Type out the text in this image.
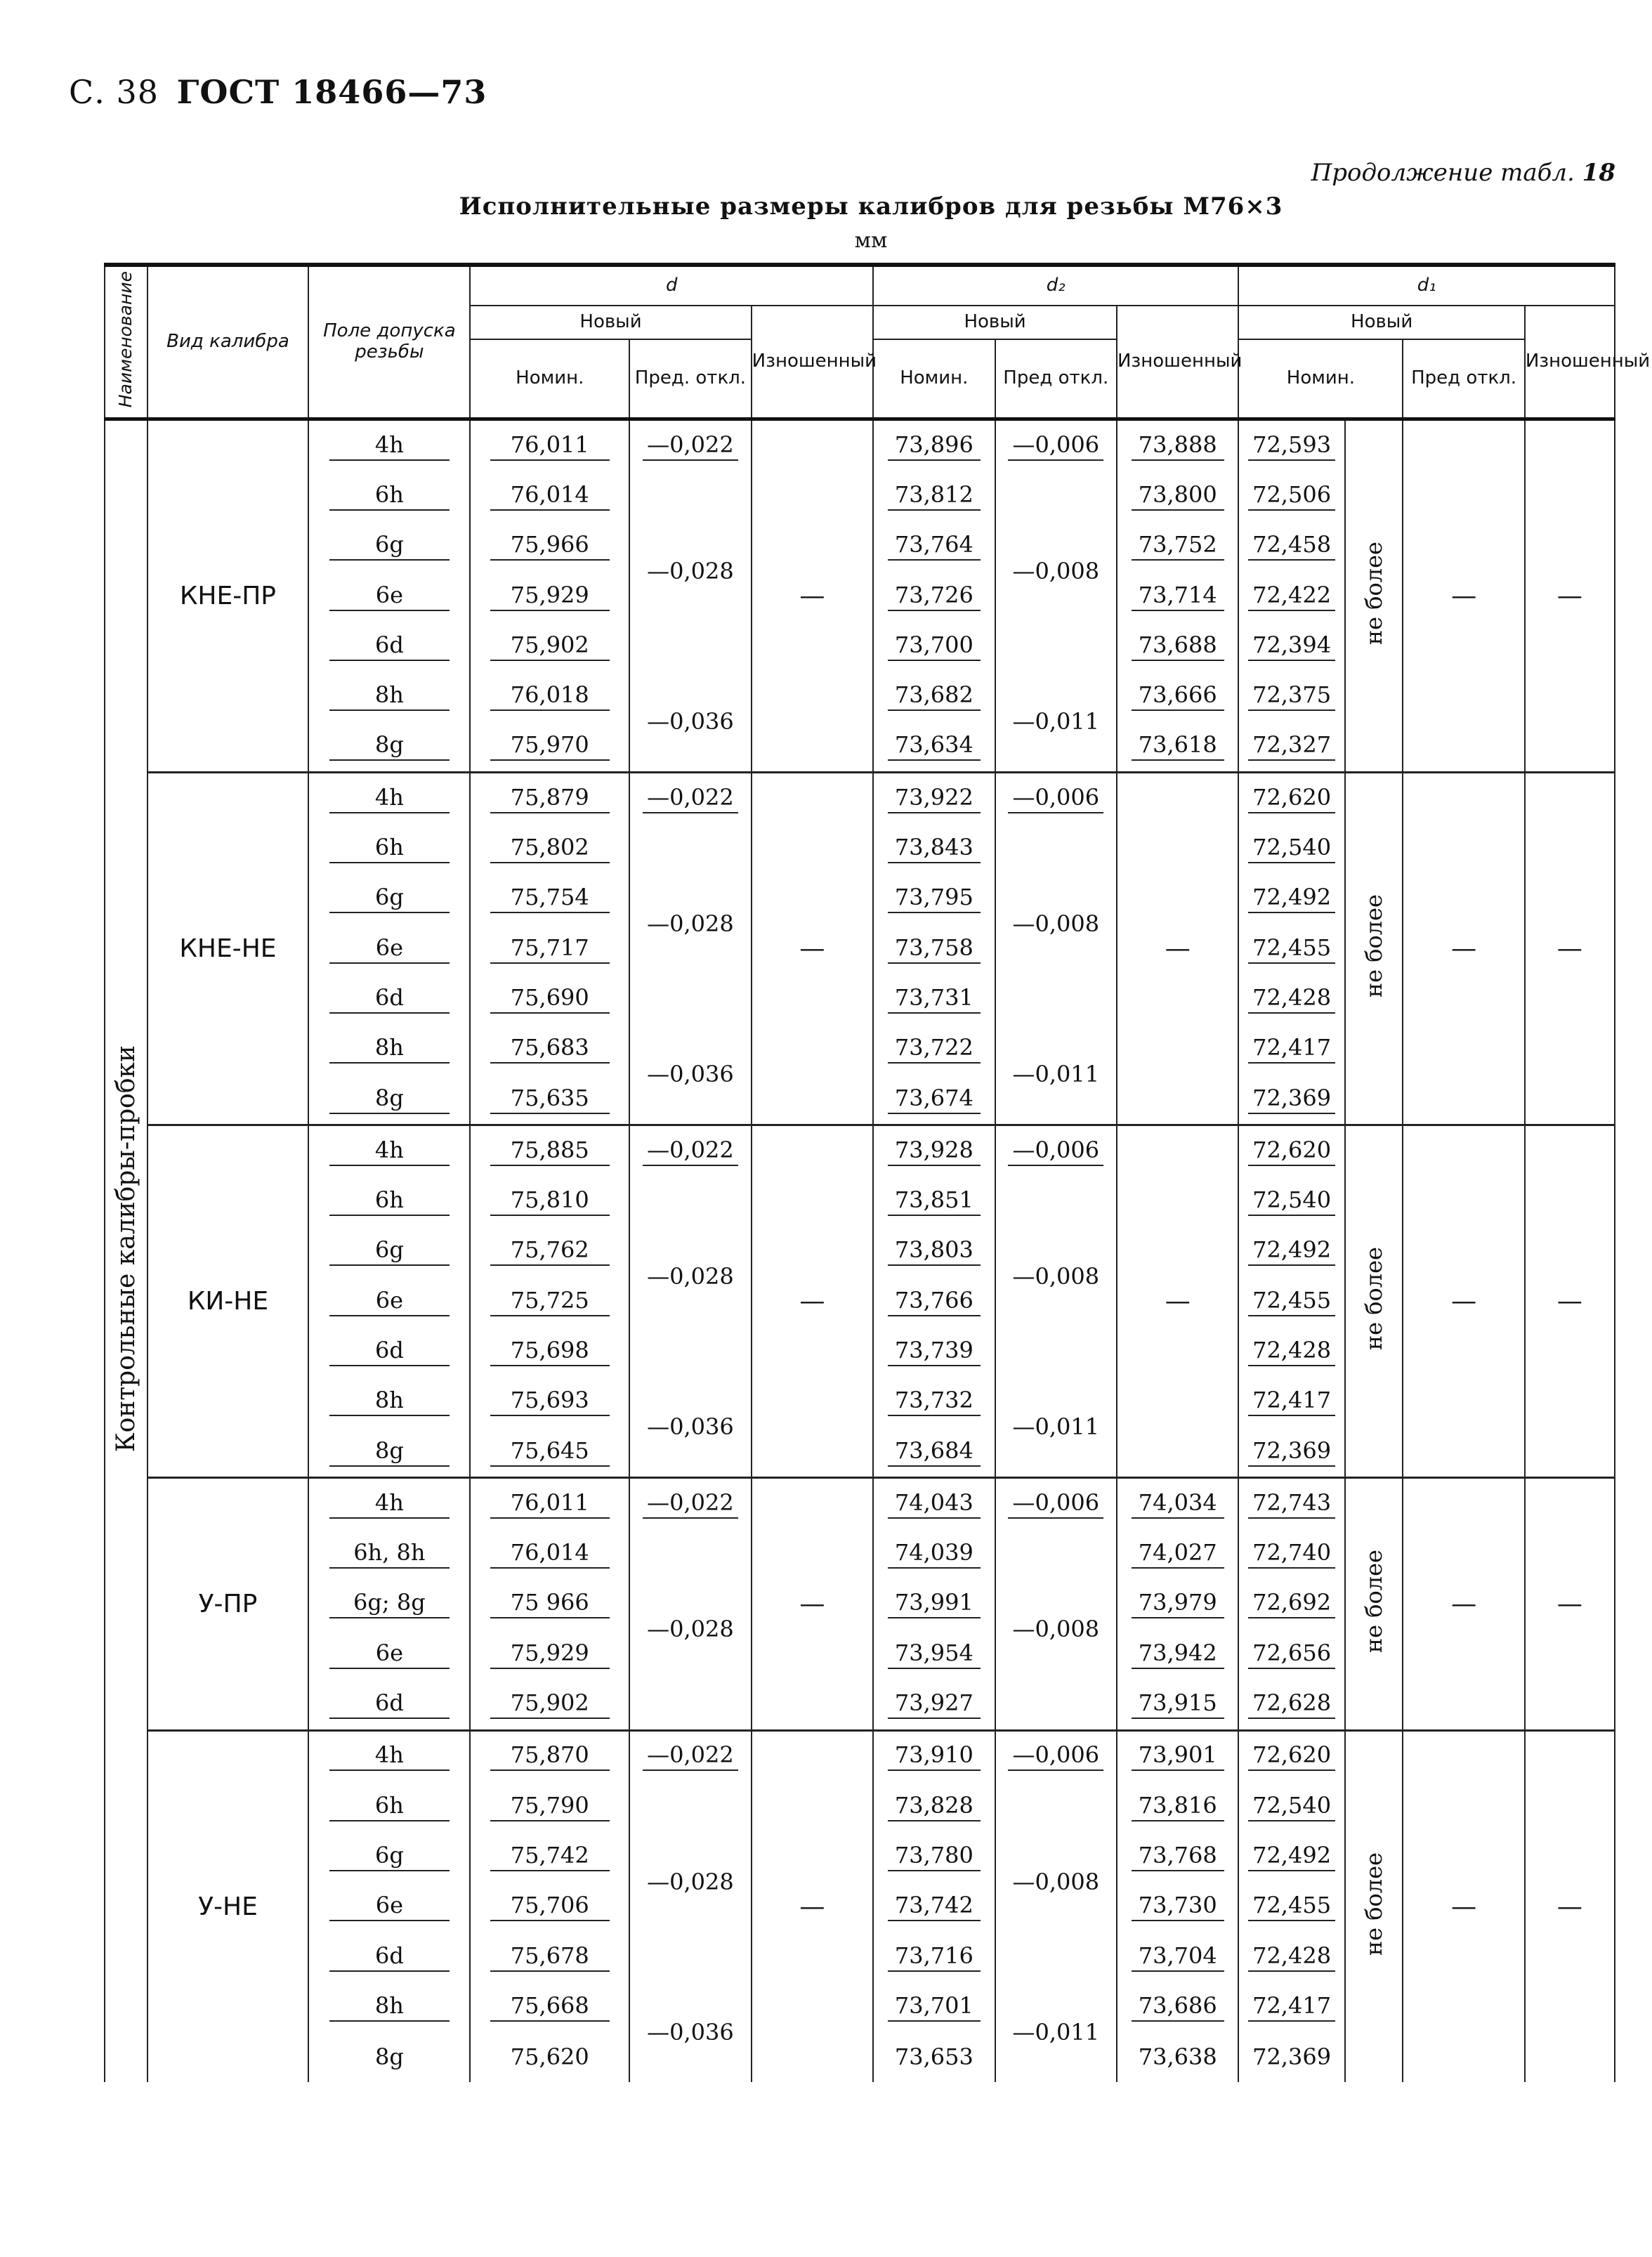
С. 38 ГОСТ 18466—73
Продолжение табл. 18
Исполнительные размеры калибров для резьбы М76×3
мм
Наименование	Вид калибра	Поле допуска резьбы	d			d₂			d₁			
			Новый		Изношенный	Новый		Изношенный	Новый			Изношенный
			Номин.	Пред. откл.		Номин.	Пред откл.		Номин.		Пред откл.	
Контрольные калибры-пробки	КНЕ-ПР	4h	76,011	—0,022	—	73,896	—0,006	73,888	72,593	не более	—	—
		6h	76,014	—0,028		73,812	—0,008	73,800	72,506			
		6g	75,966			73,764		73,752	72,458			
		6e	75,929			73,726		73,714	72,422			
		6d	75,902			73,700		73,688	72,394			
		8h	76,018	—0,036		73,682	—0,011	73,666	72,375			
		8g	75,970			73,634		73,618	72,327			
	КНЕ-НЕ	4h	75,879	—0,022	—	73,922	—0,006	—	72,620	не более	—	—
		6h	75,802	—0,028		73,843	—0,008		72,540			
		6g	75,754			73,795			72,492			
		6e	75,717			73,758			72,455			
		6d	75,690			73,731			72,428			
		8h	75,683	—0,036		73,722	—0,011		72,417			
		8g	75,635			73,674			72,369			
	КИ-НЕ	4h	75,885	—0,022	—	73,928	—0,006	—	72,620	не более	—	—
		6h	75,810	—0,028		73,851	—0,008		72,540			
		6g	75,762			73,803			72,492			
		6e	75,725			73,766			72,455			
		6d	75,698			73,739			72,428			
		8h	75,693	—0,036		73,732	—0,011		72,417			
		8g	75,645			73,684			72,369			
	У-ПР	4h	76,011	—0,022	—	74,043	—0,006	74,034	72,743	не более	—	—
		6h, 8h	76,014	—0,028		74,039	—0,008	74,027	72,740			
		6g; 8g	75 966			73,991		73,979	72,692			
		6e	75,929			73,954		73,942	72,656			
		6d	75,902			73,927		73,915	72,628			
	У-НЕ	4h	75,870	—0,022	—	73,910	—0,006	73,901	72,620	не более	—	—
		6h	75,790	—0,028		73,828	—0,008	73,816	72,540			
		6g	75,742			73,780		73,768	72,492			
		6e	75,706			73,742		73,730	72,455			
		6d	75,678			73,716		73,704	72,428			
		8h	75,668	—0,036		73,701	—0,011	73,686	72,417			
		8g	75,620			73,653		73,638	72,369			
